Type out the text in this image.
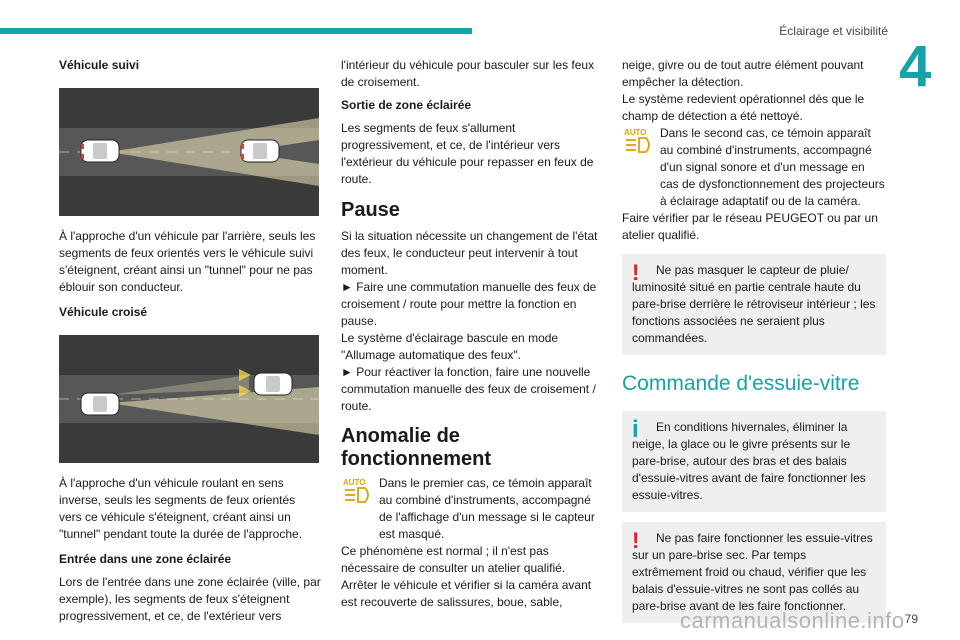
Éclairage et visibilité
4
Véhicule suivi
À l'approche d'un véhicule par l'arrière, seuls les segments de feux orientés vers le véhicule suivi s'éteignent, créant ainsi un "tunnel" pour ne pas éblouir son conducteur.
Véhicule croisé
À l'approche d'un véhicule roulant en sens inverse, seuls les segments de feux orientés vers ce véhicule s'éteignent, créant ainsi un "tunnel" pendant toute la durée de l'approche.
Entrée dans une zone éclairée
Lors de l'entrée dans une zone éclairée (ville, par exemple), les segments de feux s'éteignent progressivement, et ce, de l'extérieur vers
l'intérieur du véhicule pour basculer sur les feux de croisement.
Sortie de zone éclairée
Les segments de feux s'allument progressivement, et ce, de l'intérieur vers l'extérieur du véhicule pour repasser en feux de route.
Pause
Si la situation nécessite un changement de l'état des feux, le conducteur peut intervenir à tout moment.
► Faire une commutation manuelle des feux de croisement / route pour mettre la fonction en pause.
Le système d'éclairage bascule en mode "Allumage automatique des feux".
► Pour réactiver la fonction, faire une nouvelle commutation manuelle des feux de croisement / route.
Anomalie de fonctionnement
AUTO Dans le premier cas, ce témoin apparaît au combiné d'instruments, accompagné de l'affichage d'un message si le capteur est masqué.
Ce phénomène est normal ; il n'est pas nécessaire de consulter un atelier qualifié.
Arrêter le véhicule et vérifier si la caméra avant est recouverte de salissures, boue, sable,
neige, givre ou de tout autre élément pouvant empêcher la détection.
Le système redevient opérationnel dès que le champ de détection a été nettoyé.
AUTO Dans le second cas, ce témoin apparaît au combiné d'instruments, accompagné d'un signal sonore et d'un message en cas de dysfonctionnement des projecteurs à éclairage adaptatif ou de la caméra.
Faire vérifier par le réseau PEUGEOT ou par un atelier qualifié.
!	Ne pas masquer le capteur de pluie/ luminosité situé en partie centrale haute du pare-brise derrière le rétroviseur intérieur ; les fonctions associées ne seraient plus commandées.
Commande d'essuie-vitre
i	En conditions hivernales, éliminer la neige, la glace ou le givre présents sur le pare-brise, autour des bras et des balais d'essuie-vitres avant de faire fonctionner les essuie-vitres.
!	Ne pas faire fonctionner les essuie-vitres sur un pare-brise sec. Par temps extrêmement froid ou chaud, vérifier que les balais d'essuie-vitres ne sont pas collés au pare-brise avant de les faire fonctionner.
carmanualsonline.info 79
